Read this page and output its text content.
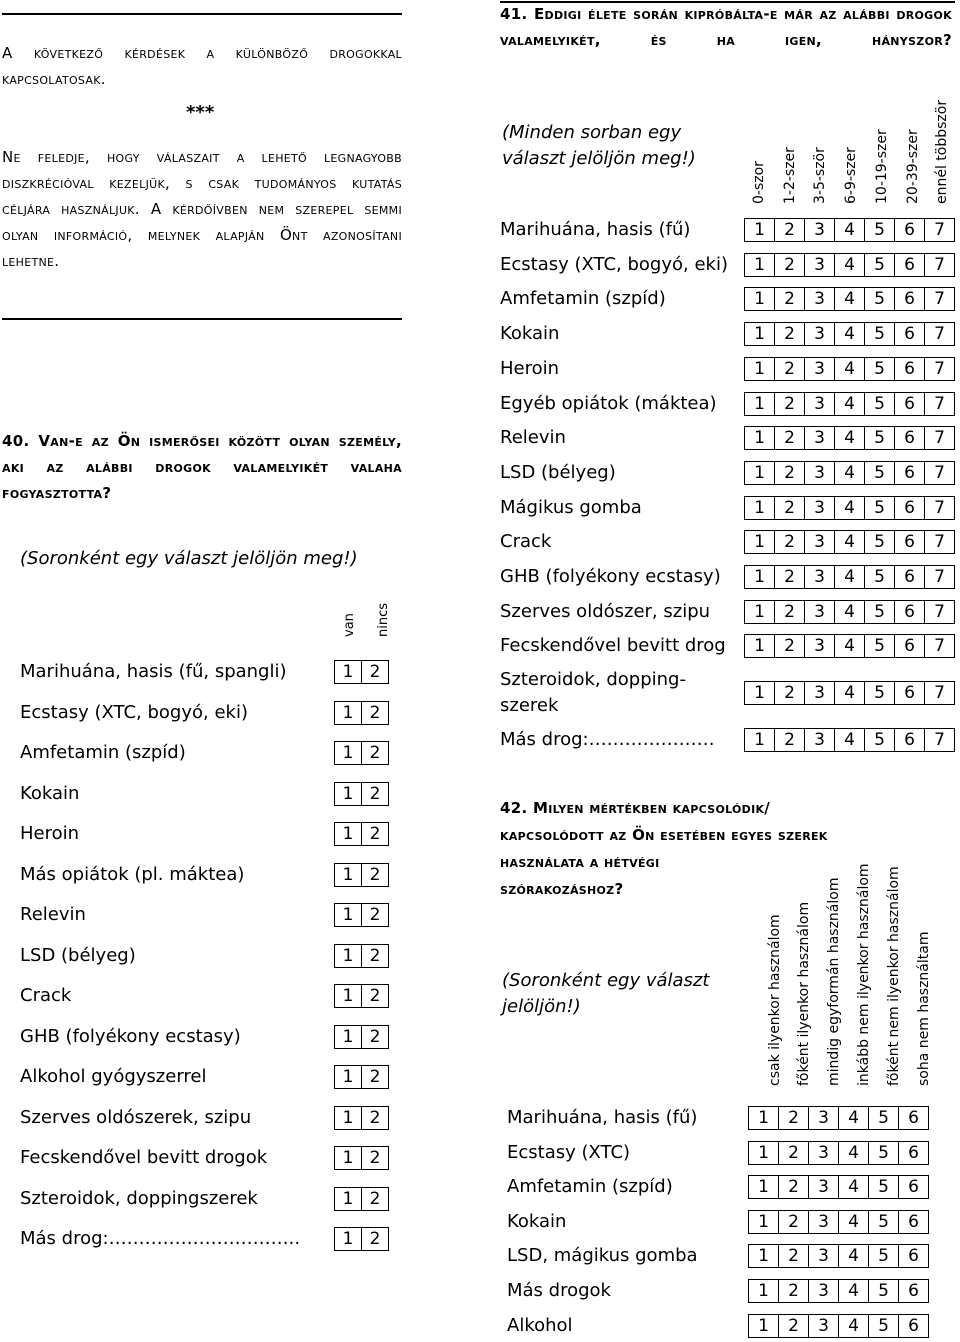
A következő kérdések a különböző drogokkal kapcsolatosak.
***
Ne feledje, hogy válaszait a lehető legnagyobb diszkrécióval kezeljük, s csak tudományos kutatás céljára használjuk. A kérdőívben nem szerepel semmi olyan információ, melynek alapján Önt azonosítani lehetne.
40. Van-e az Ön ismerősei között olyan személy, aki az alábbi drogok valamelyikét valaha fogyasztotta?
(Soronként egy választ jelöljön meg!)
van nincs
Marihuána, hasis (fű, spangli)	1 2
Ecstasy (XTC, bogyó, eki)	1 2
Amfetamin (szpíd)	1 2
Kokain	1 2
Heroin	1 2
Más opiátok (pl. máktea)	1 2
Relevin	1 2
LSD (bélyeg)	1 2
Crack	1 2
GHB (folyékony ecstasy)	1 2
Alkohol gyógyszerrel	1 2
Szerves oldószerek, szipu	1 2
Fecskendővel bevitt drogok	1 2
Szteroidok, doppingszerek	1 2
Más drog:…………………………..	1 2
41. Eddigi élete során kipróbálta-e már az alábbi drogok valamelyikét, és ha igen, hányszor?
(Minden sorban egy választ jelöljön meg!)
0-szor 1-2-szer 3-5-ször 6-9-szer 10-19-szer 20-39-szer ennél többször
Marihuána, hasis (fű)	1	2	3	4	5	6	7
Ecstasy (XTC, bogyó, eki)	1	2	3	4	5	6	7
Amfetamin (szpíd)	1	2	3	4	5	6	7
Kokain	1	2	3	4	5	6	7
Heroin	1	2	3	4	5	6	7
Egyéb opiátok (máktea)	1	2	3	4	5	6	7
Relevin	1	2	3	4	5	6	7
LSD (bélyeg)	1	2	3	4	5	6	7
Mágikus gomba	1	2	3	4	5	6	7
Crack	1	2	3	4	5	6	7
GHB (folyékony ecstasy)	1	2	3	4	5	6	7
Szerves oldószer, szipu	1	2	3	4	5	6	7
Fecskendővel bevitt drog	1	2	3	4	5	6	7
Szteroidok, dopping-
szerek
1	2	3	4	5	6	7
Más drog:…………………	1	2	3	4	5	6	7
42. Milyen mértékben kapcsolódik/
kapcsolódott az Ön esetében egyes szerek
használata a hétvégi
szórakozáshoz?
(Soronként egy választ
jelöljön!)	csak ilyenkor használom főként ilyenkor használom mindig egyformán használom inkább nem ilyenkor használom főként nem ilyenkor használom soha nem használtam
Marihuána, hasis (fű)	1	2	3	4	5	6
Ecstasy (XTC)	1	2	3	4	5	6
Amfetamin (szpíd)	1	2	3	4	5	6
Kokain	1	2	3	4	5	6
LSD, mágikus gomba	1	2	3	4	5	6
Más drogok	1	2	3	4	5	6
Alkohol	1	2	3	4	5	6
